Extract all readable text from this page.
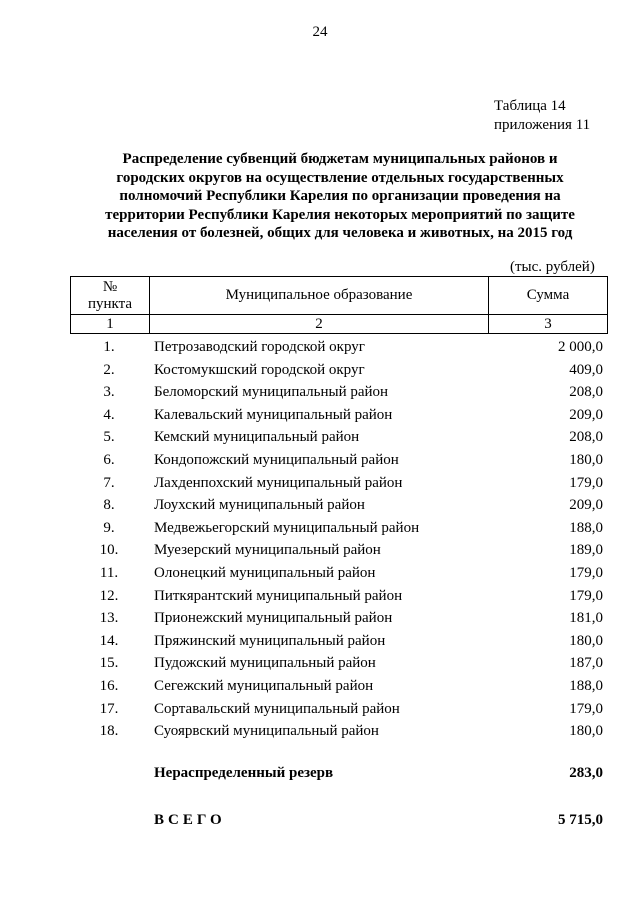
24
Таблица 14
приложения 11
Распределение субвенций бюджетам муниципальных районов и
городских округов на осуществление отдельных государственных
полномочий Республики Карелия по организации проведения на
территории Республики Карелия некоторых мероприятий по защите
населения от болезней, общих для человека и животных, на 2015 год
(тыс. рублей)
№
пункта	Муниципальное образование	Сумма
1	2	3
1.	Петрозаводский городской округ	2 000,0
2.	Костомукшский городской округ	409,0
3.	Беломорский муниципальный район	208,0
4.	Калевальский муниципальный район	209,0
5.	Кемский муниципальный район	208,0
6.	Кондопожский муниципальный район	180,0
7.	Лахденпохский муниципальный район	179,0
8.	Лоухский муниципальный район	209,0
9.	Медвежьегорский муниципальный район	188,0
10.	Муезерский муниципальный район	189,0
11.	Олонецкий муниципальный район	179,0
12.	Питкярантский муниципальный район	179,0
13.	Прионежский муниципальный район	181,0
14.	Пряжинский муниципальный район	180,0
15.	Пудожский муниципальный район	187,0
16.	Сегежский муниципальный район	188,0
17.	Сортавальский муниципальный район	179,0
18.	Суоярвский муниципальный район	180,0
Нераспределенный резерв	283,0
ВСЕГО	5 715,0
